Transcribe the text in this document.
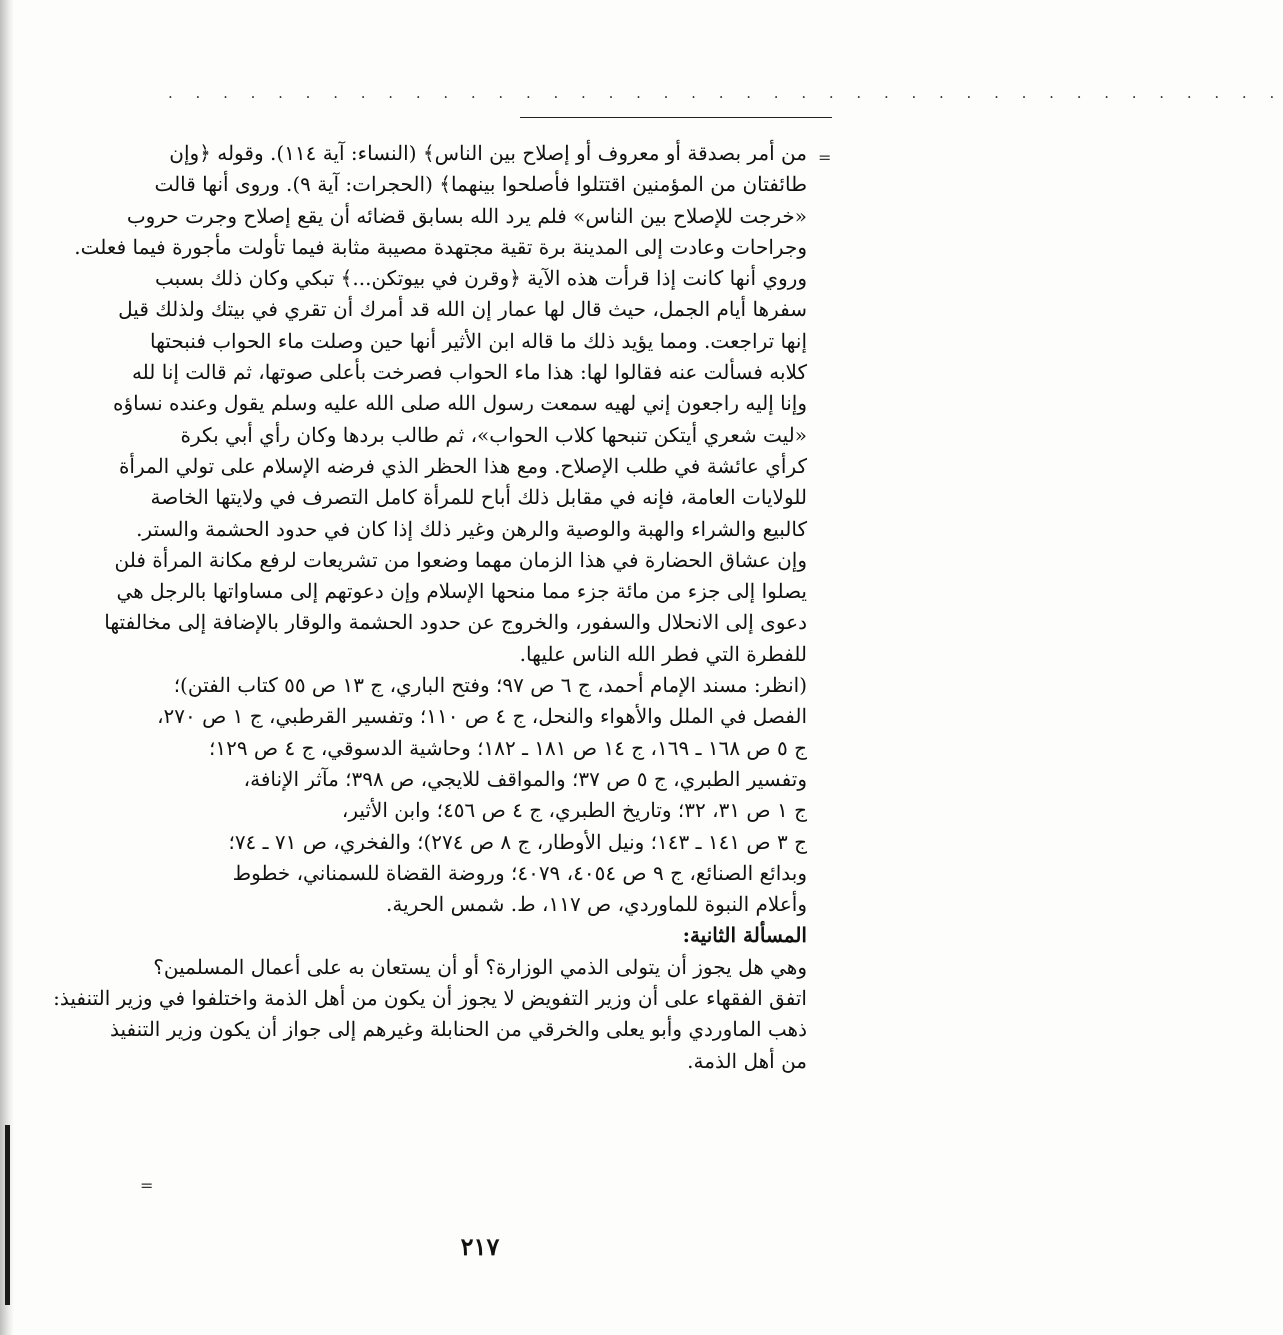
. . . . . . . . . . . . . . . . . . . . . . . . . . . . . . . . . . . . . . . . .
=
من أمر بصدقة أو معروف أو إصلاح بين الناس﴾ (النساء: آية ١١٤). وقوله ﴿وإن
طائفتان من المؤمنين اقتتلوا فأصلحوا بينهما﴾ (الحجرات: آية ٩). وروى أنها قالت
«خرجت للإصلاح بين الناس» فلم يرد الله بسابق قضائه أن يقع إصلاح وجرت حروب
وجراحات وعادت إلى المدينة برة تقية مجتهدة مصيبة مثابة فيما تأولت مأجورة فيما فعلت.
وروي أنها كانت إذا قرأت هذه الآية ﴿وقرن في بيوتكن...﴾ تبكي وكان ذلك بسبب
سفرها أيام الجمل، حيث قال لها عمار إن الله قد أمرك أن تقري في بيتك ولذلك قيل
إنها تراجعت. ومما يؤيد ذلك ما قاله ابن الأثير أنها حين وصلت ماء الحواب فنبحتها
كلابه فسألت عنه فقالوا لها: هذا ماء الحواب فصرخت بأعلى صوتها، ثم قالت إنا لله
وإنا إليه راجعون إني لهيه سمعت رسول الله صلى الله عليه وسلم يقول وعنده نساؤه
«ليت شعري أيتكن تنبحها كلاب الحواب»، ثم طالب بردها وكان رأي أبي بكرة
كرأي عائشة في طلب الإصلاح. ومع هذا الحظر الذي فرضه الإسلام على تولي المرأة
للولايات العامة، فإنه في مقابل ذلك أباح للمرأة كامل التصرف في ولايتها الخاصة
كالبيع والشراء والهبة والوصية والرهن وغير ذلك إذا كان في حدود الحشمة والستر.
وإن عشاق الحضارة في هذا الزمان مهما وضعوا من تشريعات لرفع مكانة المرأة فلن
يصلوا إلى جزء من مائة جزء مما منحها الإسلام وإن دعوتهم إلى مساواتها بالرجل هي
دعوى إلى الانحلال والسفور، والخروج عن حدود الحشمة والوقار بالإضافة إلى مخالفتها
للفطرة التي فطر الله الناس عليها.
(انظر: مسند الإمام أحمد، ج ٦ ص ٩٧؛ وفتح الباري، ج ١٣ ص ٥٥ كتاب الفتن)؛
الفصل في الملل والأهواء والنحل، ج ٤ ص ١١٠؛ وتفسير القرطبي، ج ١ ص ٢٧٠،
ج ٥ ص ١٦٨ ـ ١٦٩، ج ١٤ ص ١٨١ ـ ١٨٢؛ وحاشية الدسوقي، ج ٤ ص ١٢٩؛
وتفسير الطبري، ج ٥ ص ٣٧؛ والمواقف للايجي، ص ٣٩٨؛ مآثر الإنافة،
ج ١ ص ٣١، ٣٢؛ وتاريخ الطبري، ج ٤ ص ٤٥٦؛ وابن الأثير،
ج ٣ ص ١٤١ ـ ١٤٣؛ ونيل الأوطار، ج ٨ ص ٢٧٤)؛ والفخري، ص ٧١ ـ ٧٤؛
وبدائع الصنائع، ج ٩ ص ٤٠٥٤، ٤٠٧٩؛ وروضة القضاة للسمناني، خطوط
وأعلام النبوة للماوردي، ص ١١٧، ط. شمس الحرية.
المسألة الثانية:
وهي هل يجوز أن يتولى الذمي الوزارة؟ أو أن يستعان به على أعمال المسلمين؟
اتفق الفقهاء على أن وزير التفويض لا يجوز أن يكون من أهل الذمة واختلفوا في وزير التنفيذ:
ذهب الماوردي وأبو يعلى والخرقي من الحنابلة وغيرهم إلى جواز أن يكون وزير التنفيذ
من أهل الذمة.
=
٢١٧
